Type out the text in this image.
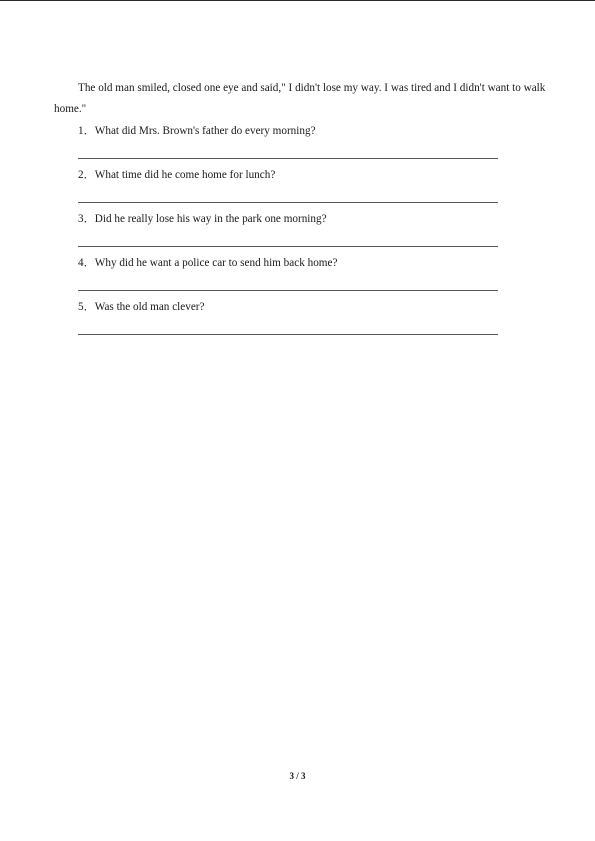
The old man smiled, closed one eye and said," I didn't lose my way. I was tired and I didn't want to walk home."

1．What did Mrs. Brown's father do every morning?
2．What time did he come home for lunch?
3．Did he really lose his way in the park one morning?
4．Why did he want a police car to send him back home?
5．Was the old man clever?
3 / 3
